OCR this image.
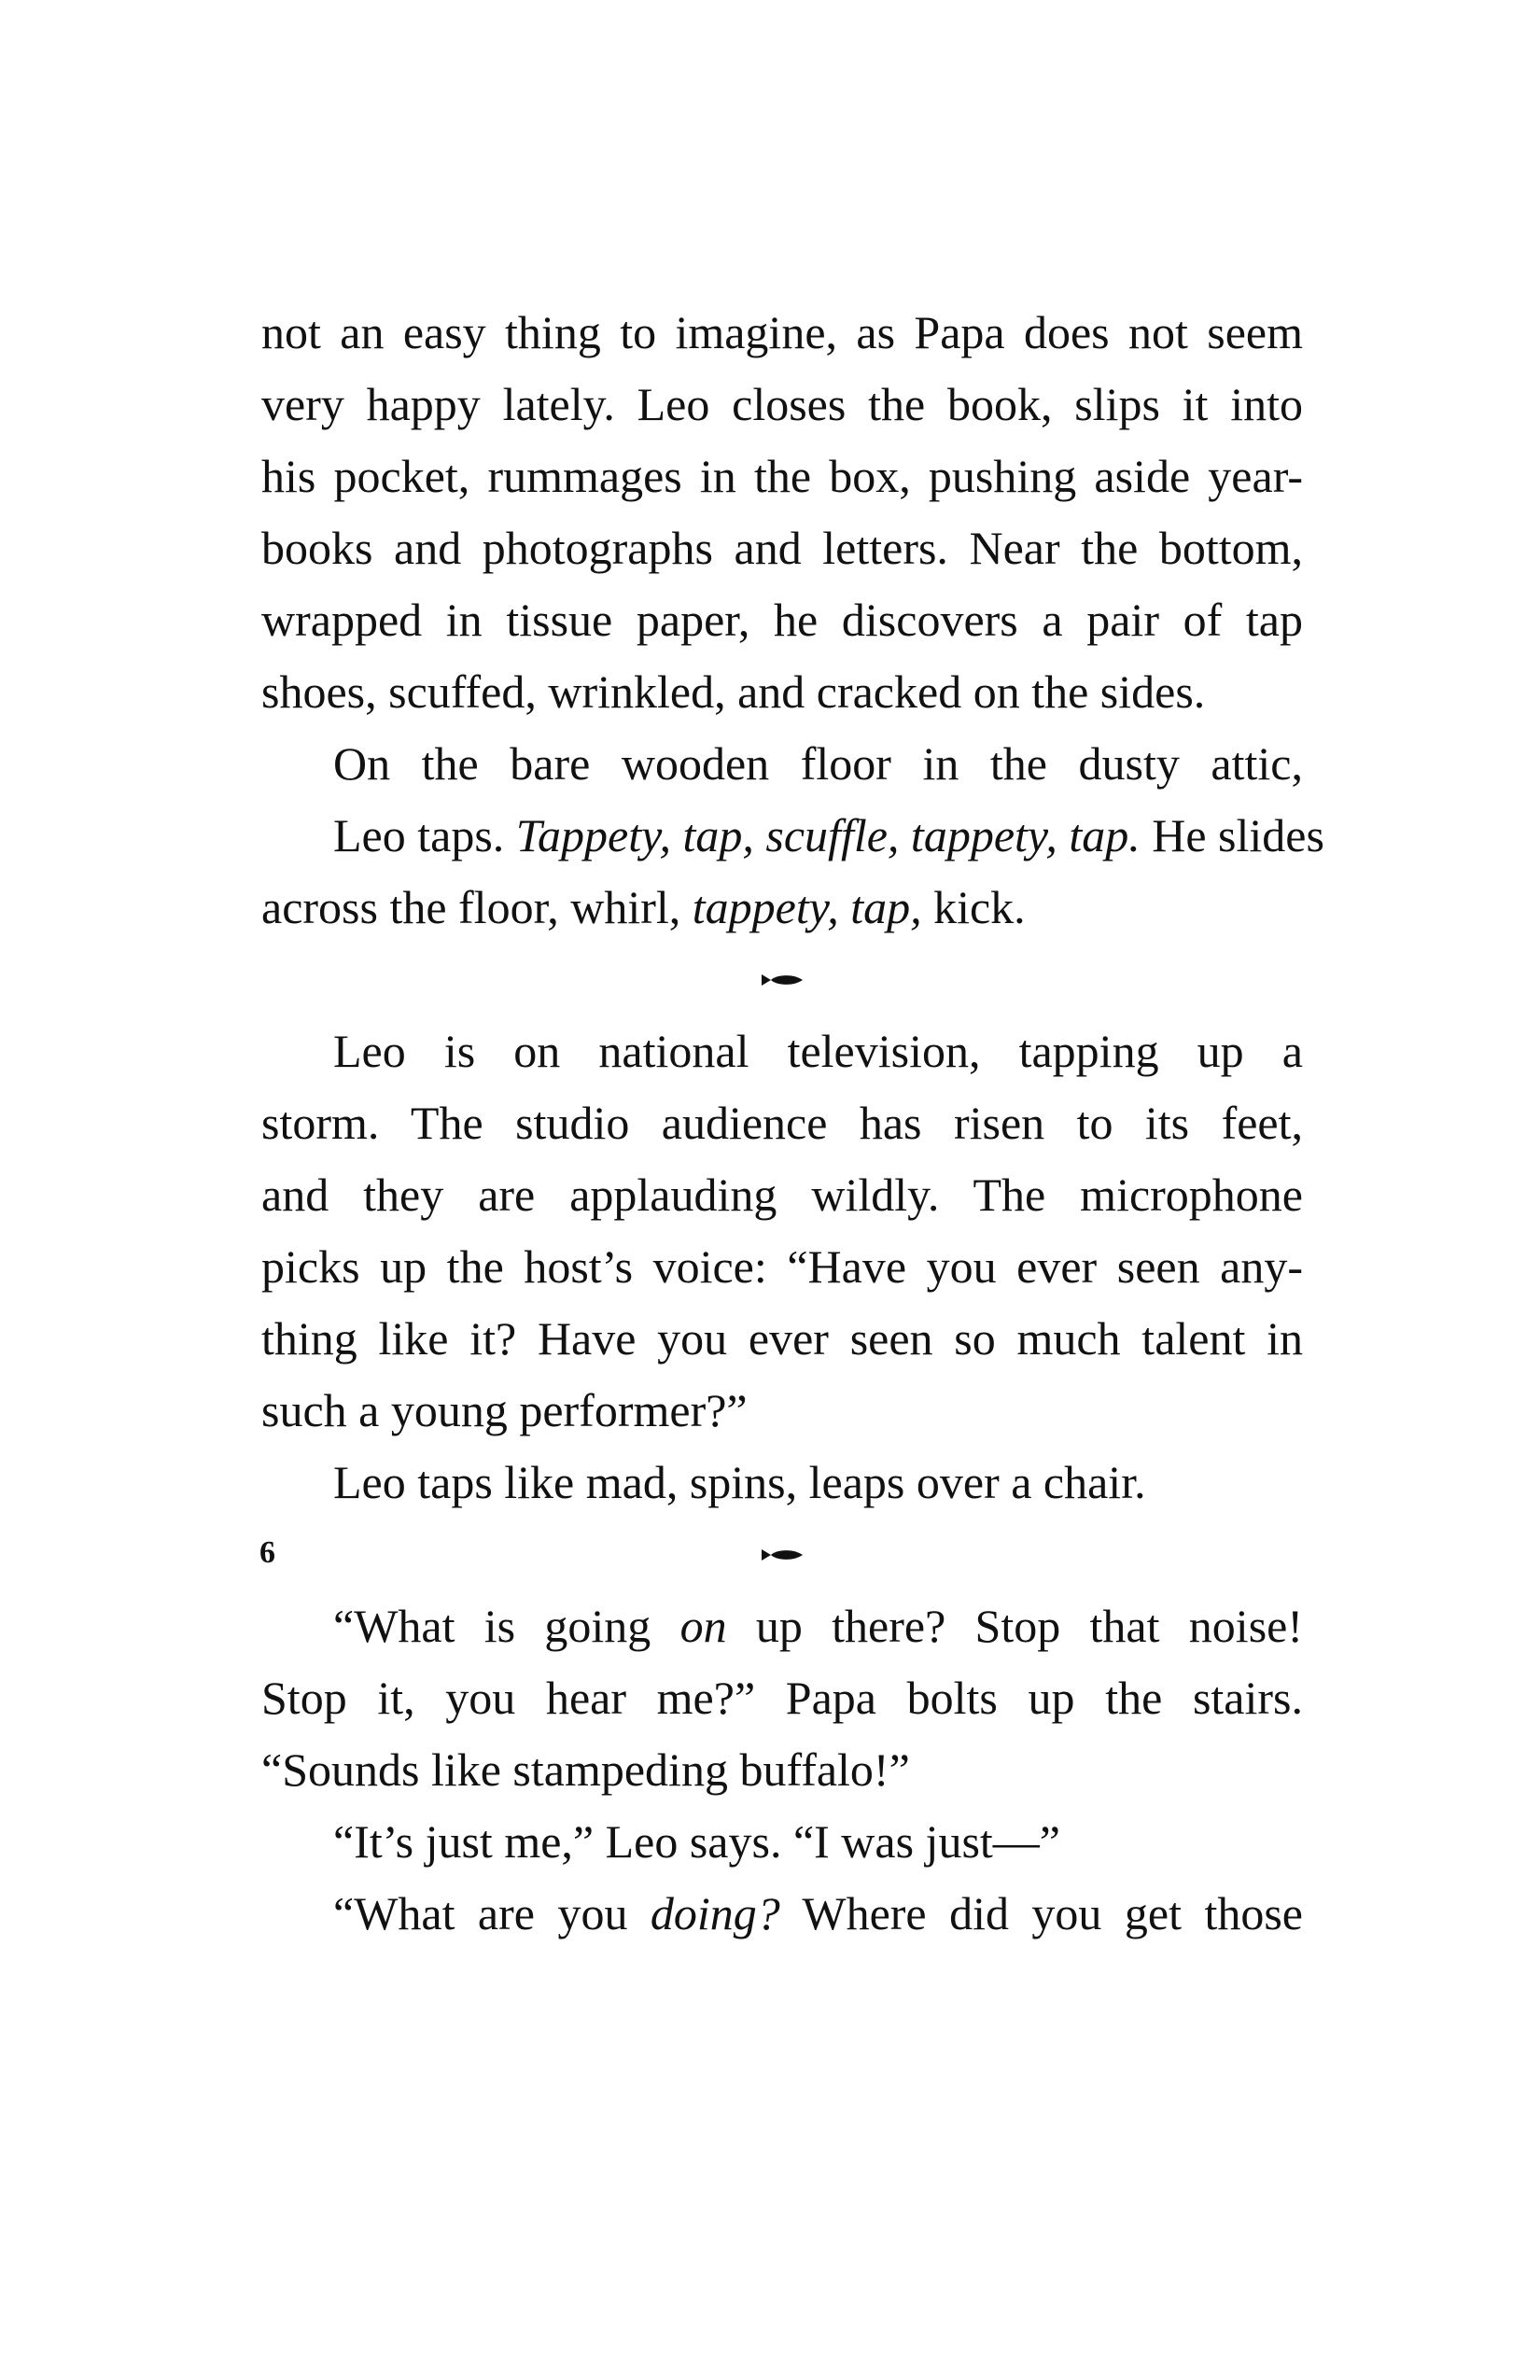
not an easy thing to imagine, as Papa does not seem
very happy lately. Leo closes the book, slips it into
his pocket, rummages in the box, pushing aside year-
books and photographs and letters. Near the bottom,
wrapped in tissue paper, he discovers a pair of tap
shoes, scuffed, wrinkled, and cracked on the sides.

On the bare wooden floor in the dusty attic,
Leo taps. Tappety, tap, scuffle, tappety, tap. He slides
across the floor, whirl, tappety, tap, kick.

Leo is on national television, tapping up a
storm. The studio audience has risen to its feet,
and they are applauding wildly. The microphone
picks up the host’s voice: “Have you ever seen any-
thing like it? Have you ever seen so much talent in
such a young performer?”

Leo taps like mad, spins, leaps over a chair.

“What is going on up there? Stop that noise!
Stop it, you hear me?” Papa bolts up the stairs.
“Sounds like stampeding buffalo!”

“It’s just me,” Leo says. “I was just—”

“What are you doing? Where did you get those

6
